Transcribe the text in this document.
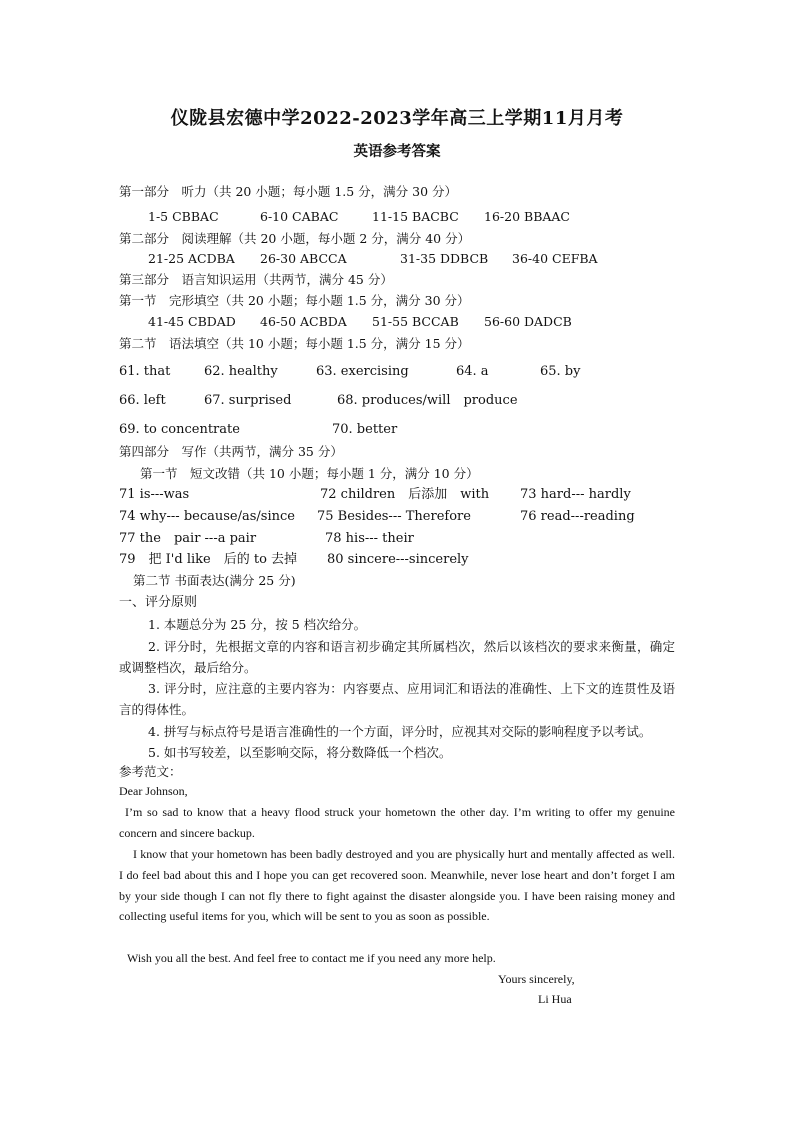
仪陇县宏德中学2022-2023学年高三上学期11月月考
英语参考答案
第一部分　听力（共 20 小题；每小题 1.5 分，满分 30 分）
1-5 CBBAC	6-10 CABAC	11-15 BACBC 16-20 BBAAC
第二部分　阅读理解（共 20 小题，每小题 2 分，满分 40 分）
21-25 ACDBA 26-30 ABCCA	31-35 DDBCB 36-40 CEFBA
第三部分　语言知识运用（共两节，满分 45 分）
第一节　完形填空（共 20 小题；每小题 1.5 分，满分 30 分）
41-45 CBDAD 46-50 ACBDA 51-55 BCCAB 56-60 DADCB
第二节　语法填空（共 10 小题；每小题 1.5 分，满分 15 分）
61. that	62. healthy	63. exercising	64. a	65. by
66. left	67. surprised	68. produces/will　produce
69. to concentrate	70. better
第四部分　写作（共两节，满分 35 分）
第一节　短文改错（共 10 小题；每小题 1 分，满分 10 分）
71 is---was	72 children　后添加　with 73 hard--- hardly
74 why--- because/as/since 75 Besides--- Therefore	76 read---reading
77 the　pair ---a pair	78 his--- their
79　把 I'd like　后的 to 去掉 80 sincere---sincerely
第二节 书面表达(满分 25 分)
一、评分原则
1. 本题总分为 25 分，按 5 档次给分。
2. 评分时，先根据文章的内容和语言初步确定其所属档次，然后以该档次的要求来衡量，确定或调整档次，最后给分。
3. 评分时，应注意的主要内容为：内容要点、应用词汇和语法的准确性、上下文的连贯性及语言的得体性。
4. 拼写与标点符号是语言准确性的一个方面，评分时，应视其对交际的影响程度予以考试。
5. 如书写较差，以至影响交际，将分数降低一个档次。
参考范文：
Dear Johnson,
I’m so sad to know that a heavy flood struck your hometown the other day. I’m writing to offer my genuine concern and sincere backup.
I know that your hometown has been badly destroyed and you are physically hurt and mentally affected as well. I do feel bad about this and I hope you can get recovered soon. Meanwhile, never lose heart and don’t forget I am by your side though I can not fly there to fight against the disaster alongside you. I have been raising money and collecting useful items for you, which will be sent to you as soon as possible.
Wish you all the best. And feel free to contact me if you need any more help.
Yours sincerely,
Li Hua
